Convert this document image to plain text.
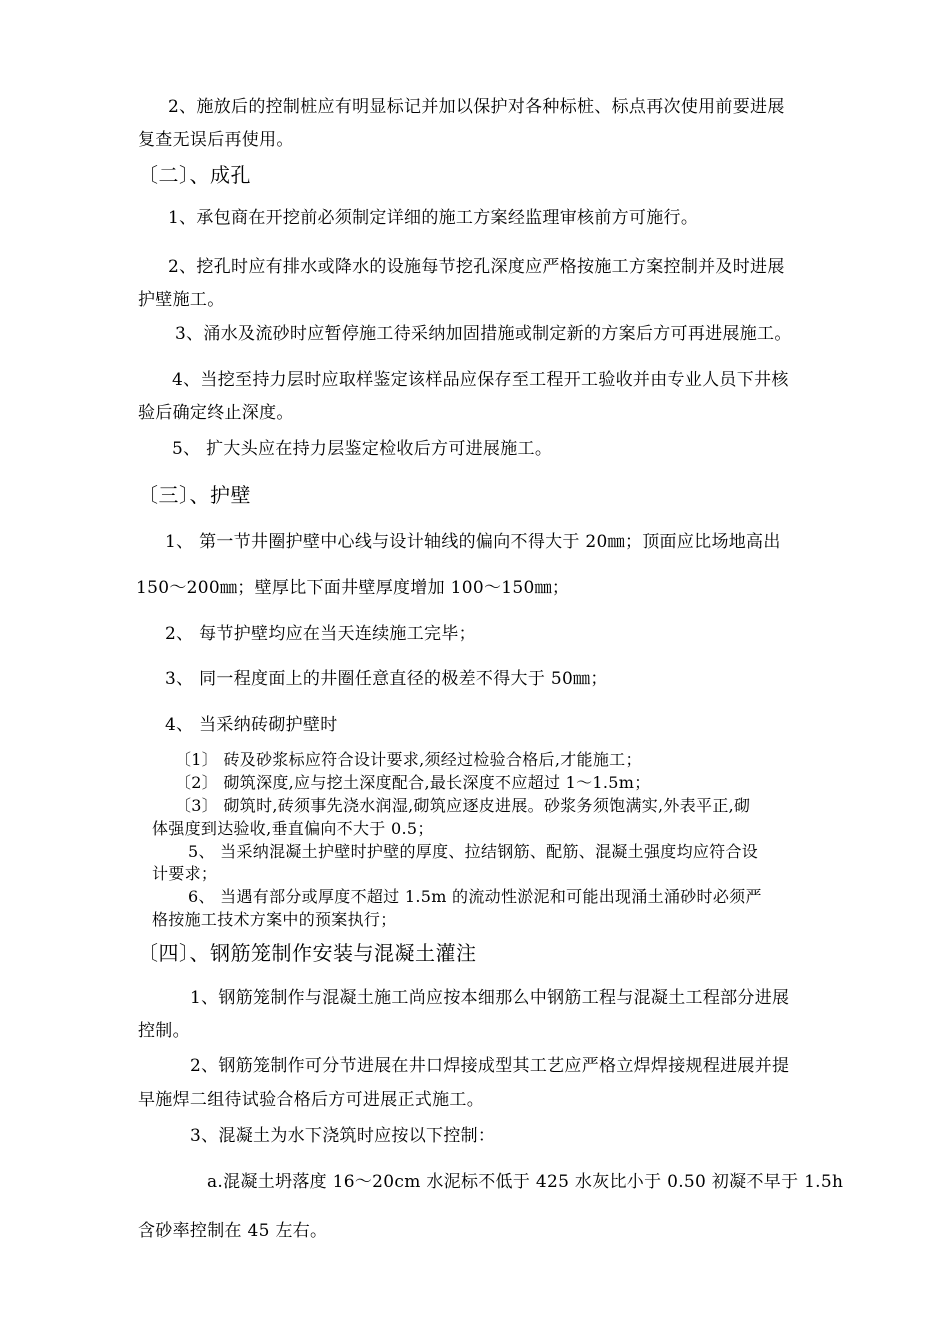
2、施放后的控制桩应有明显标记并加以保护对各种标桩、标点再次使用前要进展
复查无误后再使用。
〔二〕、成孔
1、承包商在开挖前必须制定详细的施工方案经监理审核前方可施行。
2、挖孔时应有排水或降水的设施每节挖孔深度应严格按施工方案控制并及时进展
护壁施工。
3、涌水及流砂时应暂停施工待采纳加固措施或制定新的方案后方可再进展施工。
4、当挖至持力层时应取样鉴定该样品应保存至工程开工验收并由专业人员下井核
验后确定终止深度。
5、 扩大头应在持力层鉴定检收后方可进展施工。
〔三〕、护壁
1、 第一节井圈护壁中心线与设计轴线的偏向不得大于 20㎜；顶面应比场地高出
150～200㎜；壁厚比下面井壁厚度增加 100～150㎜；
2、 每节护壁均应在当天连续施工完毕；
3、 同一程度面上的井圈任意直径的极差不得大于 50㎜；
4、 当采纳砖砌护壁时
〔1〕 砖及砂浆标应符合设计要求,须经过检验合格后,才能施工；
〔2〕 砌筑深度,应与挖土深度配合,最长深度不应超过 1～1.5m；
〔3〕 砌筑时,砖须事先浇水润湿,砌筑应逐皮进展。砂浆务须饱满实,外表平正,砌
体强度到达验收,垂直偏向不大于 0.5；
5、 当采纳混凝土护壁时护壁的厚度、拉结钢筋、配筋、混凝土强度均应符合设
计要求；
6、 当遇有部分或厚度不超过 1.5m 的流动性淤泥和可能出现涌土涌砂时必须严
格按施工技术方案中的预案执行；
〔四〕、钢筋笼制作安装与混凝土灌注
1、钢筋笼制作与混凝土施工尚应按本细那么中钢筋工程与混凝土工程部分进展
控制。
2、钢筋笼制作可分节进展在井口焊接成型其工艺应严格立焊焊接规程进展并提
早施焊二组待试验合格后方可进展正式施工。
3、混凝土为水下浇筑时应按以下控制：
a.混凝土坍落度 16～20cm 水泥标不低于 425 水灰比小于 0.50 初凝不早于 1.5h
含砂率控制在 45 左右。
